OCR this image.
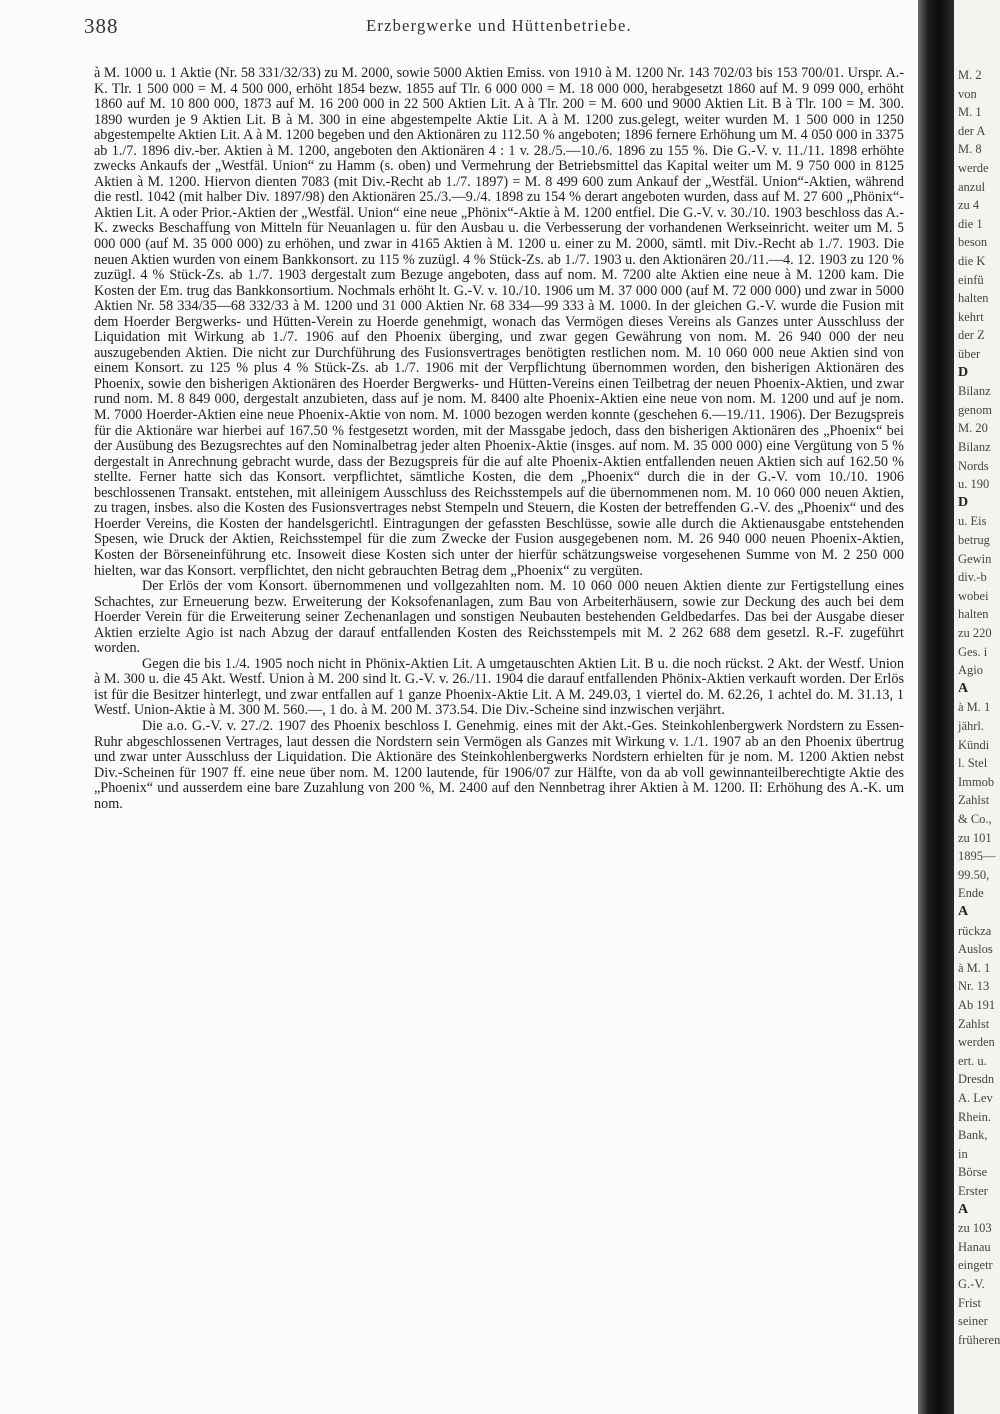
388	Erzbergwerke und Hüttenbetriebe.

à M. 1000 u. 1 Aktie (Nr. 58 331/32/33) zu M. 2000, sowie 5000 Aktien Emiss. von 1910 à M. 1200 Nr. 143 702/03 bis 153 700/01. Urspr. A.-K. Tlr. 1 500 000 = M. 4 500 000, erhöht 1854 bezw. 1855 auf Tlr. 6 000 000 = M. 18 000 000, herabgesetzt 1860 auf M. 9 099 000, erhöht 1860 auf M. 10 800 000, 1873 auf M. 16 200 000 in 22 500 Aktien Lit. A à Tlr. 200 = M. 600 und 9000 Aktien Lit. B à Tlr. 100 = M. 300. 1890 wurden je 9 Aktien Lit. B à M. 300 in eine abgestempelte Aktie Lit. A à M. 1200 zus.gelegt, weiter wurden M. 1 500 000 in 1250 abgestempelte Aktien Lit. A à M. 1200 begeben und den Aktionären zu 112.50 % angeboten; 1896 fernere Erhöhung um M. 4 050 000 in 3375 ab 1./7. 1896 div.-ber. Aktien à M. 1200, angeboten den Aktionären 4 : 1 v. 28./5.—10./6. 1896 zu 155 %. Die G.-V. v. 11./11. 1898 erhöhte zwecks Ankaufs der „Westfäl. Union“ zu Hamm (s. oben) und Vermehrung der Betriebsmittel das Kapital weiter um M. 9 750 000 in 8125 Aktien à M. 1200. Hiervon dienten 7083 (mit Div.-Recht ab 1./7. 1897) = M. 8 499 600 zum Ankauf der „Westfäl. Union“-Aktien, während die restl. 1042 (mit halber Div. 1897/98) den Aktionären 25./3.—9./4. 1898 zu 154 % derart angeboten wurden, dass auf M. 27 600 „Phönix“-Aktien Lit. A oder Prior.-Aktien der „Westfäl. Union“ eine neue „Phönix“-Aktie à M. 1200 entfiel. Die G.-V. v. 30./10. 1903 beschloss das A.-K. zwecks Beschaffung von Mitteln für Neuanlagen u. für den Ausbau u. die Verbesserung der vorhandenen Werkseinricht. weiter um M. 5 000 000 (auf M. 35 000 000) zu erhöhen, und zwar in 4165 Aktien à M. 1200 u. einer zu M. 2000, sämtl. mit Div.-Recht ab 1./7. 1903. Die neuen Aktien wurden von einem Bankkonsort. zu 115 % zuzügl. 4 % Stück-Zs. ab 1./7. 1903 u. den Aktionären 20./11.—4. 12. 1903 zu 120 % zuzügl. 4 % Stück-Zs. ab 1./7. 1903 dergestalt zum Bezuge angeboten, dass auf nom. M. 7200 alte Aktien eine neue à M. 1200 kam. Die Kosten der Em. trug das Bankkonsortium. Nochmals erhöht lt. G.-V. v. 10./10. 1906 um M. 37 000 000 (auf M. 72 000 000) und zwar in 5000 Aktien Nr. 58 334/35—68 332/33 à M. 1200 und 31 000 Aktien Nr. 68 334—99 333 à M. 1000. In der gleichen G.-V. wurde die Fusion mit dem Hoerder Bergwerks- und Hütten-Verein zu Hoerde genehmigt, wonach das Vermögen dieses Vereins als Ganzes unter Ausschluss der Liquidation mit Wirkung ab 1./7. 1906 auf den Phoenix überging, und zwar gegen Gewährung von nom. M. 26 940 000 der neu auszugebenden Aktien. Die nicht zur Durchführung des Fusionsvertrages benötigten restlichen nom. M. 10 060 000 neue Aktien sind von einem Konsort. zu 125 % plus 4 % Stück-Zs. ab 1./7. 1906 mit der Verpflichtung übernommen worden, den bisherigen Aktionären des Phoenix, sowie den bisherigen Aktionären des Hoerder Bergwerks- und Hütten-Vereins einen Teilbetrag der neuen Phoenix-Aktien, und zwar rund nom. M. 8 849 000, dergestalt anzubieten, dass auf je nom. M. 8400 alte Phoenix-Aktien eine neue von nom. M. 1200 und auf je nom. M. 7000 Hoerder-Aktien eine neue Phoenix-Aktie von nom. M. 1000 bezogen werden konnte (geschehen 6.—19./11. 1906). Der Bezugspreis für die Aktionäre war hierbei auf 167.50 % festgesetzt worden, mit der Massgabe jedoch, dass den bisherigen Aktionären des „Phoenix“ bei der Ausübung des Bezugsrechtes auf den Nominalbetrag jeder alten Phoenix-Aktie (insges. auf nom. M. 35 000 000) eine Vergütung von 5 % dergestalt in Anrechnung gebracht wurde, dass der Bezugspreis für die auf alte Phoenix-Aktien entfallenden neuen Aktien sich auf 162.50 % stellte. Ferner hatte sich das Konsort. verpflichtet, sämtliche Kosten, die dem „Phoenix“ durch die in der G.-V. vom 10./10. 1906 beschlossenen Transakt. entstehen, mit alleinigem Ausschluss des Reichsstempels auf die übernommenen nom. M. 10 060 000 neuen Aktien, zu tragen, insbes. also die Kosten des Fusionsvertrages nebst Stempeln und Steuern, die Kosten der betreffenden G.-V. des „Phoenix“ und des Hoerder Vereins, die Kosten der handelsgerichtl. Eintragungen der gefassten Beschlüsse, sowie alle durch die Aktienausgabe entstehenden Spesen, wie Druck der Aktien, Reichsstempel für die zum Zwecke der Fusion ausgegebenen nom. M. 26 940 000 neuen Phoenix-Aktien, Kosten der Börseneinführung etc. Insoweit diese Kosten sich unter der hierfür schätzungsweise vorgesehenen Summe von M. 2 250 000 hielten, war das Konsort. verpflichtet, den nicht gebrauchten Betrag dem „Phoenix“ zu vergüten.

Der Erlös der vom Konsort. übernommenen und vollgezahlten nom. M. 10 060 000 neuen Aktien diente zur Fertigstellung eines Schachtes, zur Erneuerung bezw. Erweiterung der Koksofenanlagen, zum Bau von Arbeiterhäusern, sowie zur Deckung des auch bei dem Hoerder Verein für die Erweiterung seiner Zechenanlagen und sonstigen Neubauten bestehenden Geldbedarfes. Das bei der Ausgabe dieser Aktien erzielte Agio ist nach Abzug der darauf entfallenden Kosten des Reichsstempels mit M. 2 262 688 dem gesetzl. R.-F. zugeführt worden.

Gegen die bis 1./4. 1905 noch nicht in Phönix-Aktien Lit. A umgetauschten Aktien Lit. B u. die noch rückst. 2 Akt. der Westf. Union à M. 300 u. die 45 Akt. Westf. Union à M. 200 sind lt. G.-V. v. 26./11. 1904 die darauf entfallenden Phönix-Aktien verkauft worden. Der Erlös ist für die Besitzer hinterlegt, und zwar entfallen auf 1 ganze Phoenix-Aktie Lit. A M. 249.03, 1 viertel do. M. 62.26, 1 achtel do. M. 31.13, 1 Westf. Union-Aktie à M. 300 M. 560.—, 1 do. à M. 200 M. 373.54. Die Div.-Scheine sind inzwischen verjährt.

Die a.o. G.-V. v. 27./2. 1907 des Phoenix beschloss I. Genehmig. eines mit der Akt.-Ges. Steinkohlenbergwerk Nordstern zu Essen-Ruhr abgeschlossenen Vertrages, laut dessen die Nordstern sein Vermögen als Ganzes mit Wirkung v. 1./1. 1907 ab an den Phoenix übertrug und zwar unter Ausschluss der Liquidation. Die Aktionäre des Steinkohlenbergwerks Nordstern erhielten für je nom. M. 1200 Aktien nebst Div.-Scheinen für 1907 ff. eine neue über nom. M. 1200 lautende, für 1906/07 zur Hälfte, von da ab voll gewinnanteilberechtigte Aktie des „Phoenix“ und ausserdem eine bare Zuzahlung von 200 %, M. 2400 auf den Nennbetrag ihrer Aktien à M. 1200. II: Erhöhung des A.-K. um nom.

M. 2
von
M. 1
der A
M. 8
werde
anzul
zu 4
die 1
beson
die K
einfü
halten
kehrt
der Z
über
D
Bilanz
genom
M. 20
Bilanz
Nords
u. 190
D
u. Eis
betrug
Gewin
div.-b
wobei
halten
zu 220
Ges. i
Agio
A
à M. 1
jährl.
Kündi
l. Stel
Immob
Zahlst
& Co.,
zu 101
1895—
99.50,
Ende
A
rückza
Auslos
à M. 1
Nr. 13
Ab 191
Zahlst
werden
ert. u.
Dresdn
A. Lev
Rhein.
Bank,
in
Börse
Erster
A
zu 103
Hanau
eingetr
G.-V.
Frist
seiner
früheren
